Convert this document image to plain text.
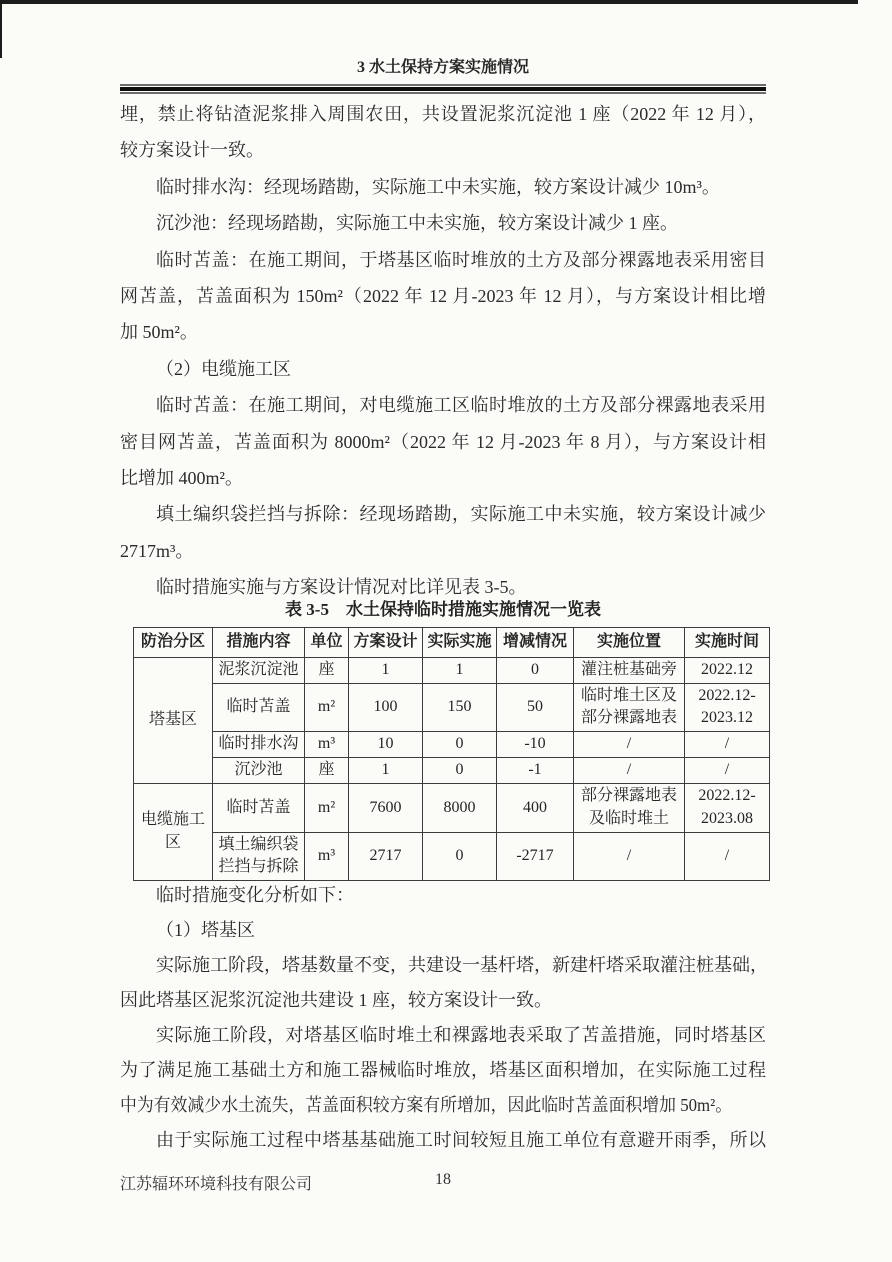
3 水土保持方案实施情况
埋，禁止将钻渣泥浆排入周围农田，共设置泥浆沉淀池 1 座（2022 年 12 月），
较方案设计一致。
临时排水沟：经现场踏勘，实际施工中未实施，较方案设计减少 10m³。
沉沙池：经现场踏勘，实际施工中未实施，较方案设计减少 1 座。
临时苫盖：在施工期间，于塔基区临时堆放的土方及部分裸露地表采用密目
网苫盖，苫盖面积为 150m²（2022 年 12 月-2023 年 12 月），与方案设计相比增
加 50m²。
（2）电缆施工区
临时苫盖：在施工期间，对电缆施工区临时堆放的土方及部分裸露地表采用
密目网苫盖，苫盖面积为 8000m²（2022 年 12 月-2023 年 8 月），与方案设计相
比增加 400m²。
填土编织袋拦挡与拆除：经现场踏勘，实际施工中未实施，较方案设计减少
2717m³。
临时措施实施与方案设计情况对比详见表 3-5。
表 3-5　水土保持临时措施实施情况一览表
防治分区	措施内容	单位	方案设计	实际实施	增减情况	实施位置	实施时间
塔基区	泥浆沉淀池	座	1	1	0	灌注桩基础旁	2022.12
	临时苫盖	m²	100	150	50	临时堆土区及部分裸露地表	2022.12-2023.12
	临时排水沟	m³	10	0	-10	/	/
	沉沙池	座	1	0	-1	/	/
电缆施工区	临时苫盖	m²	7600	8000	400	部分裸露地表及临时堆土	2022.12-2023.08
	填土编织袋拦挡与拆除	m³	2717	0	-2717	/	/
临时措施变化分析如下：
（1）塔基区
实际施工阶段，塔基数量不变，共建设一基杆塔，新建杆塔采取灌注桩基础，
因此塔基区泥浆沉淀池共建设 1 座，较方案设计一致。
实际施工阶段，对塔基区临时堆土和裸露地表采取了苫盖措施，同时塔基区
为了满足施工基础土方和施工器械临时堆放，塔基区面积增加，在实际施工过程
中为有效减少水土流失，苫盖面积较方案有所增加，因此临时苫盖面积增加 50m²。
由于实际施工过程中塔基基础施工时间较短且施工单位有意避开雨季，所以
18
江苏辐环环境科技有限公司
